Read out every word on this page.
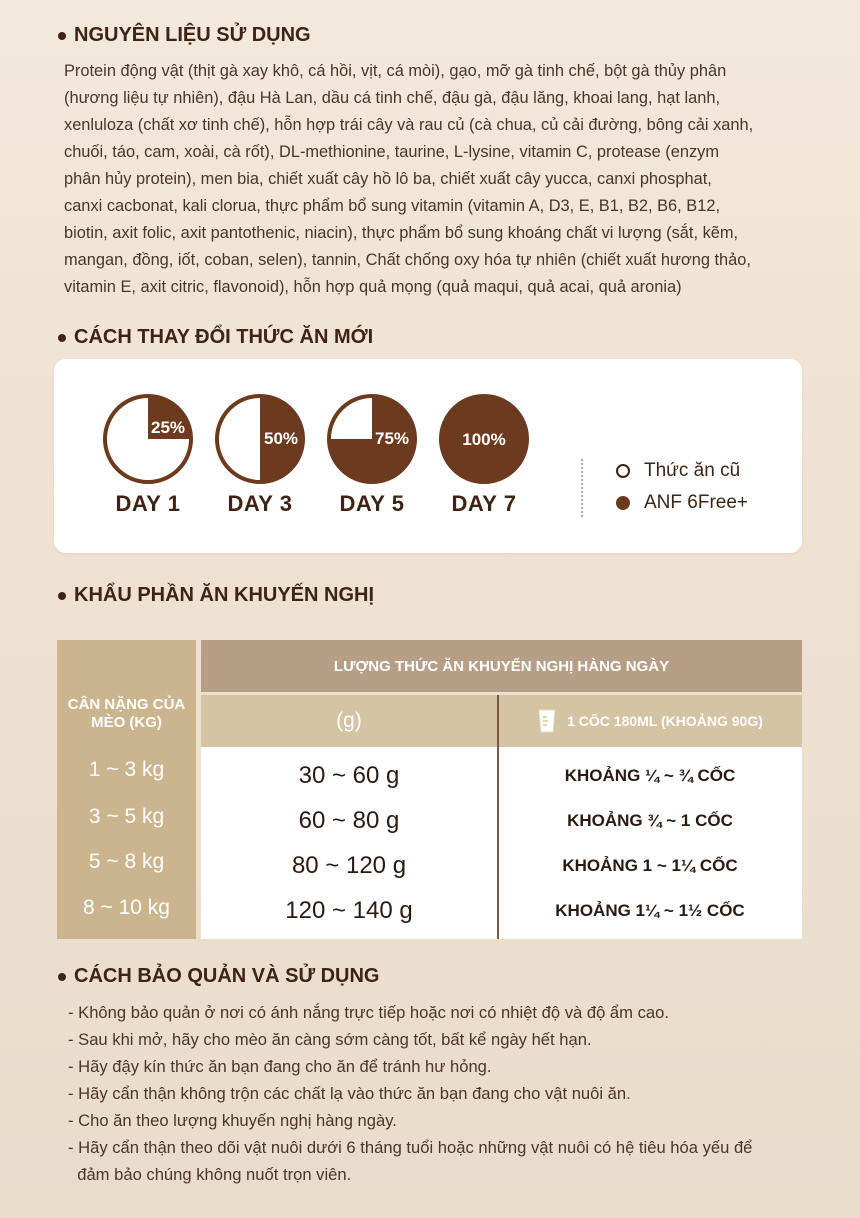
NGUYÊN LIỆU SỬ DỤNG
Protein động vật (thịt gà xay khô, cá hồi, vịt, cá mòi), gạo, mỡ gà tinh chế, bột gà thủy phân
(hương liệu tự nhiên), đậu Hà Lan, dầu cá tinh chế, đậu gà, đậu lăng, khoai lang, hạt lanh,
xenluloza (chất xơ tinh chế), hỗn hợp trái cây và rau củ (cà chua, củ cải đường, bông cải xanh,
chuối, táo, cam, xoài, cà rốt), DL-methionine, taurine, L-lysine, vitamin C, protease (enzym
phân hủy protein), men bia, chiết xuất cây hồ lô ba, chiết xuất cây yucca, canxi phosphat,
canxi cacbonat, kali clorua, thực phẩm bổ sung vitamin (vitamin A, D3, E, B1, B2, B6, B12,
biotin, axit folic, axit pantothenic, niacin), thực phẩm bổ sung khoáng chất vi lượng (sắt, kẽm,
mangan, đồng, iốt, coban, selen), tannin, Chất chống oxy hóa tự nhiên (chiết xuất hương thảo,
vitamin E, axit citric, flavonoid), hỗn hợp quả mọng (quả maqui, quả acai, quả aronia)
CÁCH THAY ĐỔI THỨC ĂN MỚI
25%
DAY 1
50%
DAY 3
75%
DAY 5
100%
DAY 7
Thức ăn cũ
ANF 6Free+
KHẨU PHẦN ĂN KHUYẾN NGHỊ
CÂN NẶNG CỦA MÈO (KG)
1 ~ 3 kg
3 ~ 5 kg
5 ~ 8 kg
8 ~ 10 kg
LƯỢNG THỨC ĂN KHUYẾN NGHỊ HÀNG NGÀY
(g)	1 CỐC 180ML (KHOẢNG 90G)
30 ~ 60 g
60 ~ 80 g
80 ~ 120 g
120 ~ 140 g
KHOẢNG ¼ ~ ¾ CỐC
KHOẢNG ¾ ~ 1 CỐC
KHOẢNG 1 ~ 1¼ CỐC
KHOẢNG 1¼ ~ 1½ CỐC
CÁCH BẢO QUẢN VÀ SỬ DỤNG
- Không bảo quản ở nơi có ánh nắng trực tiếp hoặc nơi có nhiệt độ và độ ẩm cao.
- Sau khi mở, hãy cho mèo ăn càng sớm càng tốt, bất kể ngày hết hạn.
- Hãy đậy kín thức ăn bạn đang cho ăn để tránh hư hỏng.
- Hãy cẩn thận không trộn các chất lạ vào thức ăn bạn đang cho vật nuôi ăn.
- Cho ăn theo lượng khuyến nghị hàng ngày.
- Hãy cẩn thận theo dõi vật nuôi dưới 6 tháng tuổi hoặc những vật nuôi có hệ tiêu hóa yếu để
đảm bảo chúng không nuốt trọn viên.
